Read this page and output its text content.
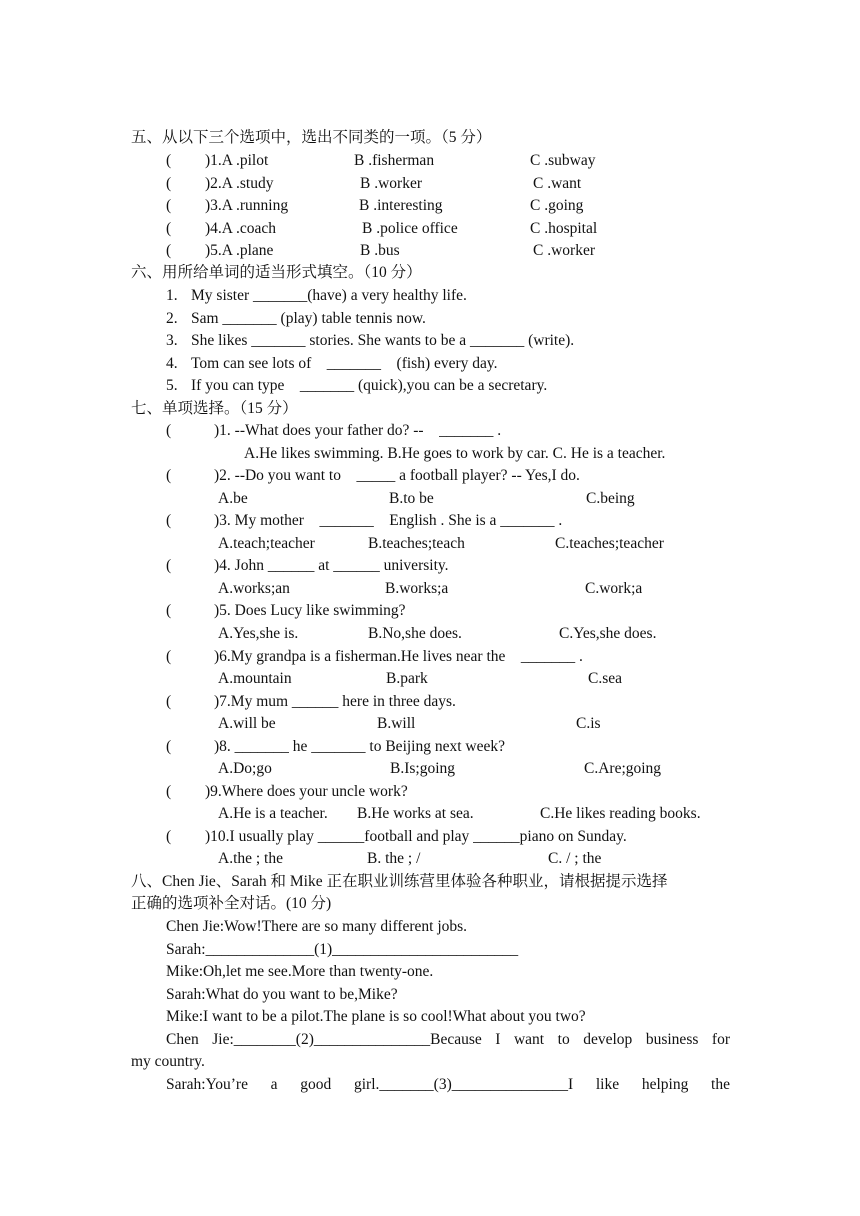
五、从以下三个选项中，选出不同类的一项。（5 分）
( )1.A .pilot	B .fisherman	C .subway
( )2.A .study	B .worker	C .want
( )3.A .running	B .interesting	C .going
( )4.A .coach	B .police office	C .hospital
( )5.A .plane	B .bus	C .worker
六、用所给单词的适当形式填空。（10 分）
1. My sister _______(have) a very healthy life.
2. Sam _______ (play) table tennis now.
3. She likes _______ stories. She wants to be a _______ (write).
4. Tom can see lots of    _______    (fish) every day.
5. If you can type    _______ (quick),you can be a secretary.
七、单项选择。（15 分）
(	)1. --What does your father do? --    _______ .
A.He likes swimming. B.He goes to work by car. C. He is a teacher.
(	)2. --Do you want to    _____ a football player? -- Yes,I do.
A.be	B.to be	C.being
(	)3. My mother    _______    English . She is a _______ .
A.teach;teacher	B.teaches;teach	C.teaches;teacher
(	)4. John ______ at ______ university.
A.works;an	B.works;a	C.work;a
(	)5. Does Lucy like swimming?
A.Yes,she is.	B.No,she does.	C.Yes,she does.
(	)6.My grandpa is a fisherman.He lives near the    _______ .
A.mountain	B.park	C.sea
(	)7.My mum ______ here in three days.
A.will be	B.will	C.is
(	)8. _______ he _______ to Beijing next week?
A.Do;go	B.Is;going	C.Are;going
( )9.Where does your uncle work?
A.He is a teacher. B.He works at sea.	C.He likes reading books.
( )10.I usually play ______football and play ______piano on Sunday.
A.the ; the	B. the ; /	C. / ; the
八、Chen Jie、Sarah 和 Mike 正在职业训练营里体验各种职业，请根据提示选择
正确的选项补全对话。(10 分)
Chen Jie:Wow!There are so many different jobs.
Sarah:______________(1)________________________
Mike:Oh,let me see.More than twenty-one.
Sarah:What do you want to be,Mike?
Mike:I want to be a pilot.The plane is so cool!What about you two?
Chen Jie:________(2)_______________Because I want to develop business for
my country.
Sarah:You’re a good girl._______(3)_______________I like helping the
